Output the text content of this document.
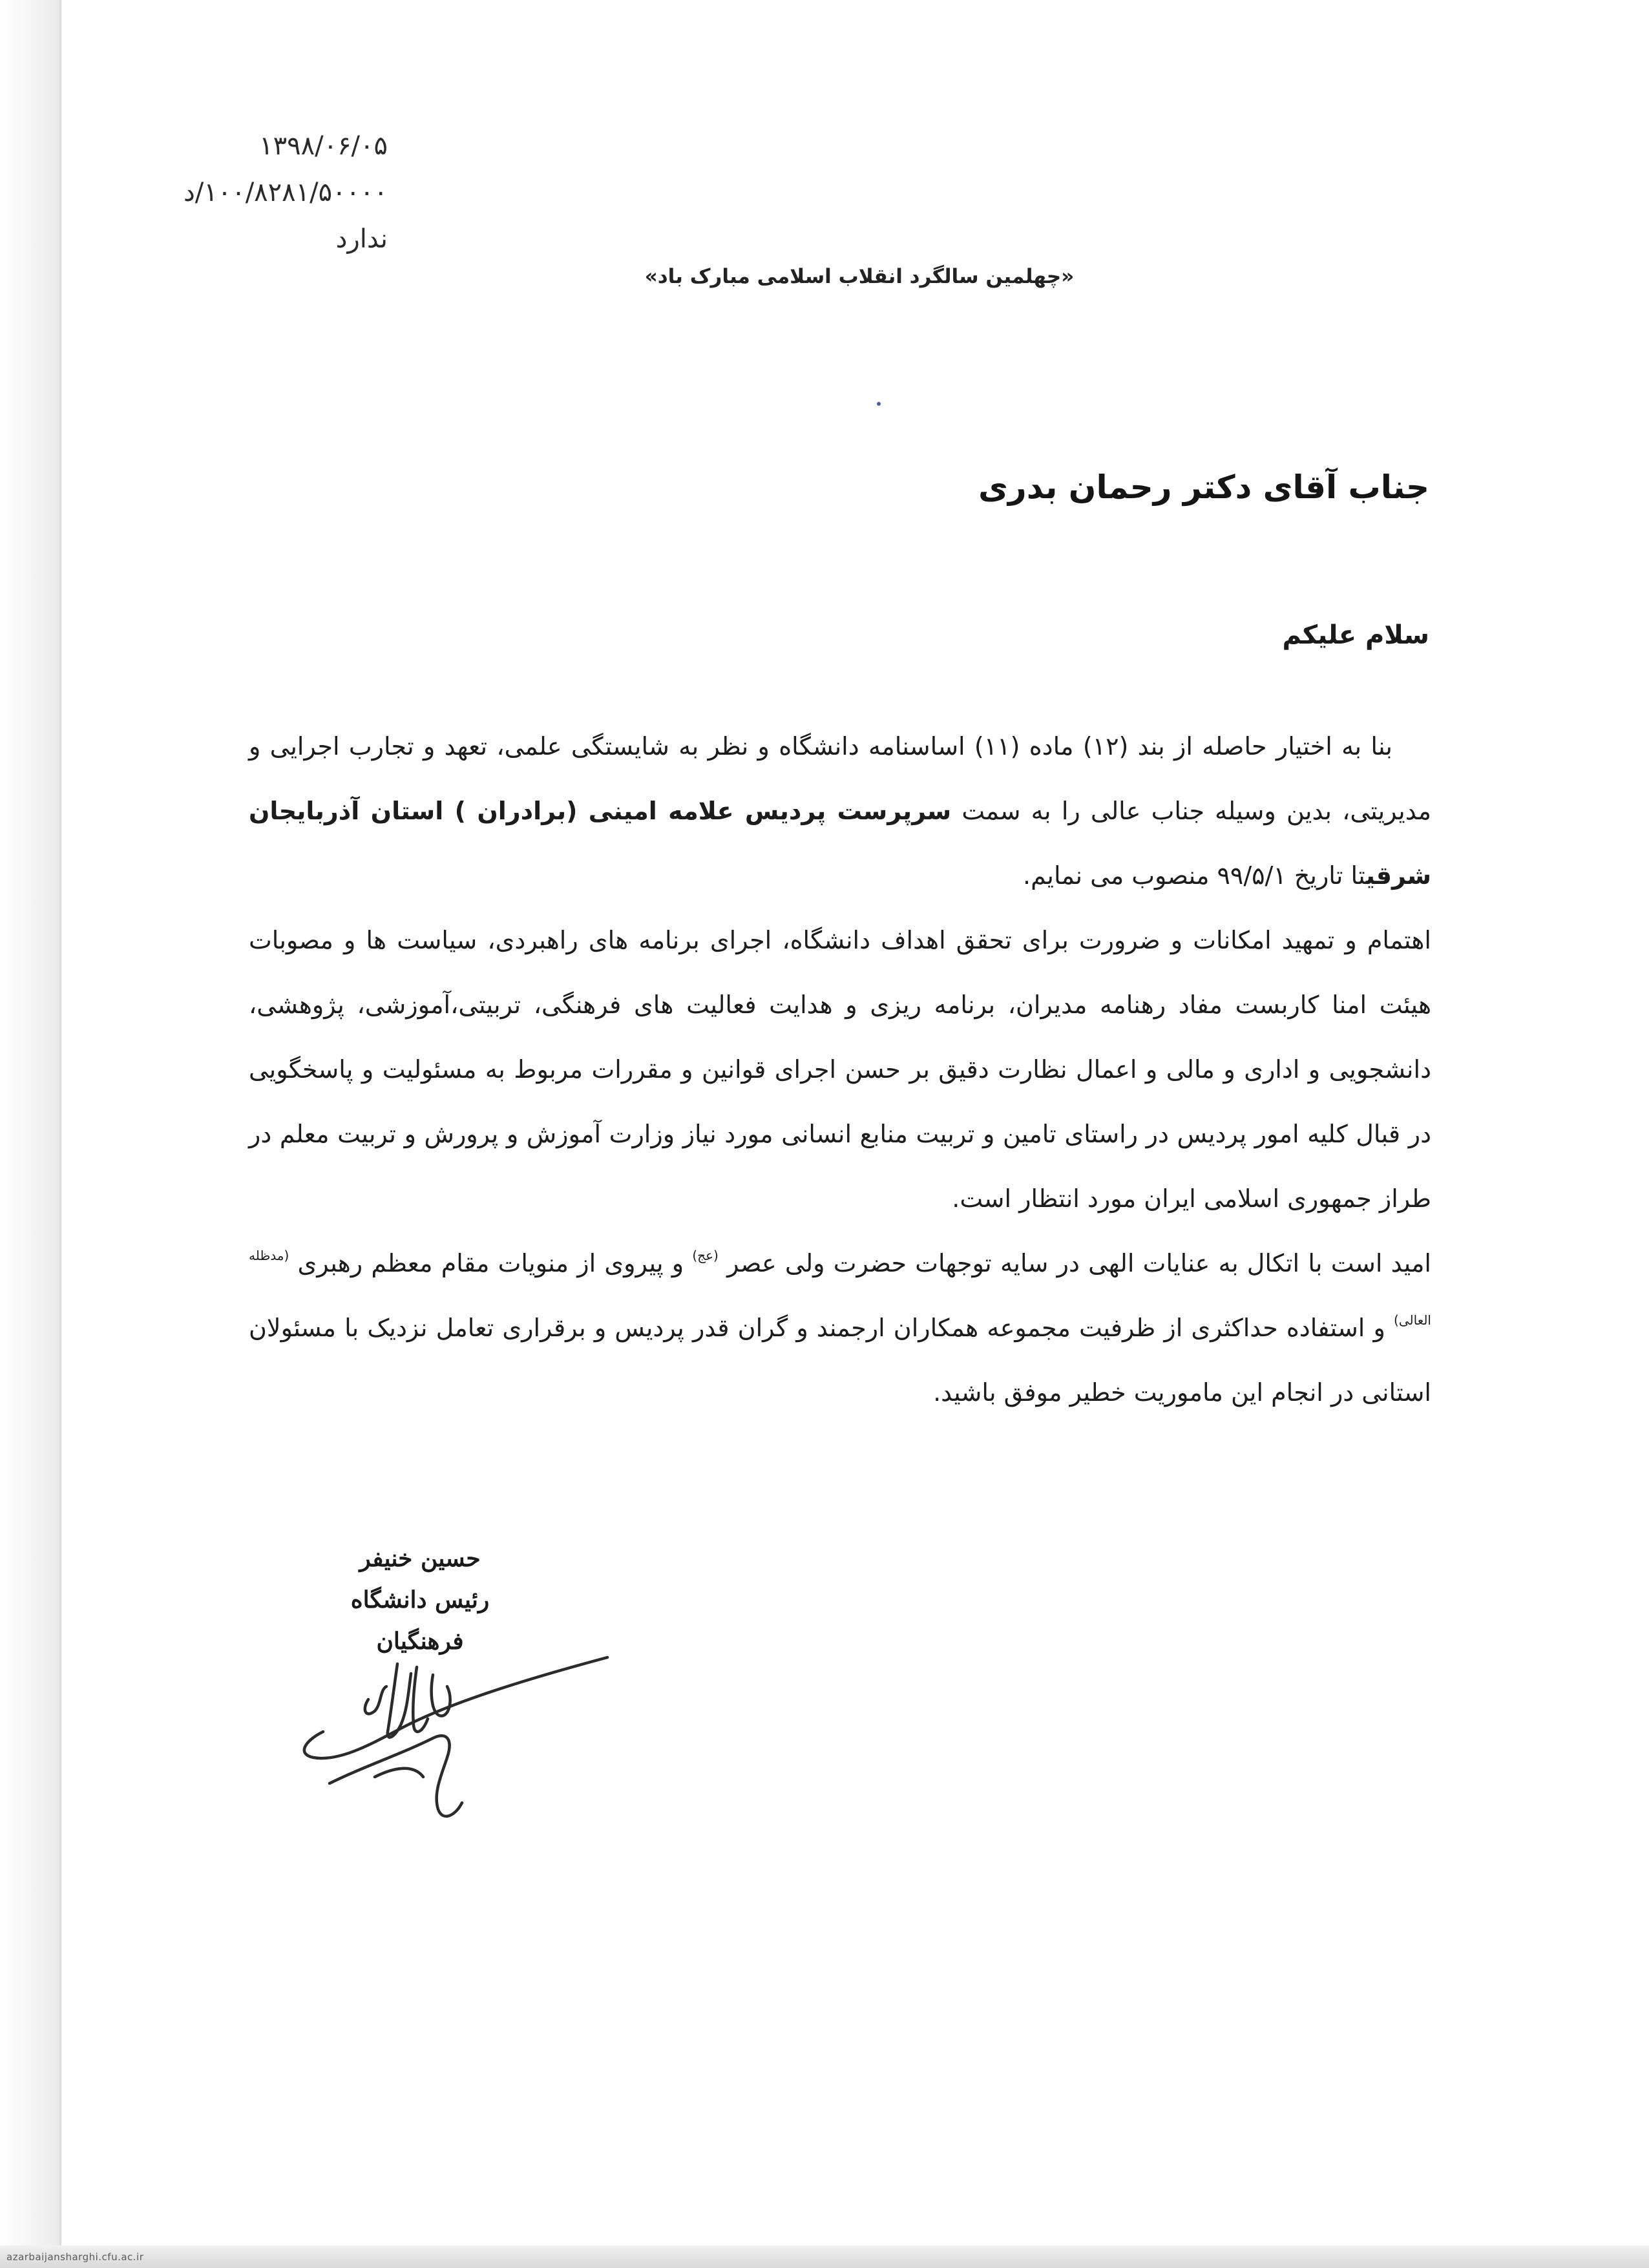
۱۳۹۸/۰۶/۰۵
۱۰۰/۸۲۸۱/۵۰۰۰۰/د
ندارد
«چهلمین سالگرد انقلاب اسلامی مبارک باد»
جناب آقای دکتر رحمان بدری
سلام علیکم

بنا به اختیار حاصله از بند (۱۲) ماده (۱۱) اساسنامه دانشگاه و نظر به شایستگی علمی، تعهد و تجارب اجرایی و مدیریتی، بدین وسیله جناب عالی را به سمت سرپرست پردیس علامه امینی (برادران ) استان آذربایجان شرقیتا تاریخ ۹۹/۵/۱ منصوب می نمایم.

اهتمام و تمهید امکانات و ضرورت برای تحقق اهداف دانشگاه، اجرای برنامه های راهبردی، سیاست ها و مصوبات هیئت امنا کاربست مفاد رهنامه مدیران، برنامه ریزی و هدایت فعالیت های فرهنگی، تربیتی،آموزشی، پژوهشی، دانشجویی و اداری و مالی و اعمال نظارت دقیق بر حسن اجرای قوانین و مقررات مربوط به مسئولیت و پاسخگویی در قبال کلیه امور پردیس در راستای تامین و تربیت منابع انسانی مورد نیاز وزارت آموزش و پرورش و تربیت معلم در طراز جمهوری اسلامی ایران مورد انتظار است.

امید است با اتکال به عنایات الهی در سایه توجهات حضرت ولی عصر $^{(عج)}$ و پیروی از منویات مقام معظم رهبری $^{(مدظله العالی)}$ و استفاده حداکثری از ظرفیت مجموعه همکاران ارجمند و گران قدر پردیس و برقراری تعامل نزدیک با مسئولان استانی در انجام این ماموریت خطیر موفق باشید.

حسین خنیفر
رئیس دانشگاه فرهنگیان
azarbaijansharghi.cfu.ac.ir
